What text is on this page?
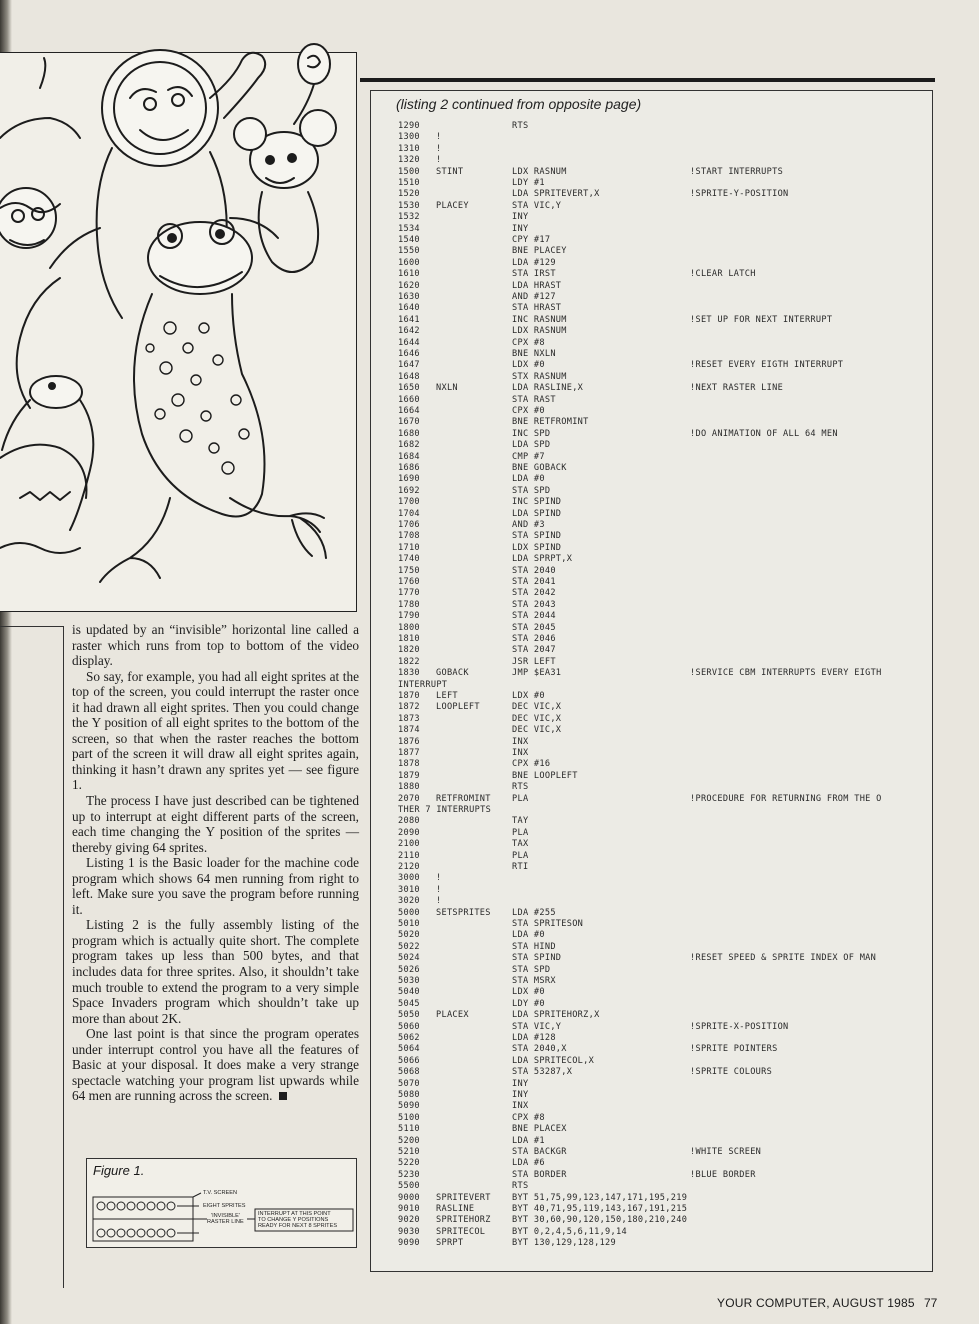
(listing 2 continued from opposite page)
1290	RTS
1300 !
1310 !
1320 !
1500 STINT	LDX RASNUM	!START INTERRUPTS
1510	LDY #1
1520	LDA SPRITEVERT,X	!SPRITE-Y-POSITION
1530 PLACEY	STA VIC,Y
1532	INY
1534	INY
1540	CPY #17
1550	BNE PLACEY
1600	LDA #129
1610	STA IRST	!CLEAR LATCH
1620	LDA HRAST
1630	AND #127
1640	STA HRAST
1641	INC RASNUM	!SET UP FOR NEXT INTERRUPT
1642	LDX RASNUM
1644	CPX #8
1646	BNE NXLN
1647	LDX #0	!RESET EVERY EIGTH INTERRUPT
1648	STX RASNUM
1650 NXLN	LDA RASLINE,X	!NEXT RASTER LINE
1660	STA RAST
1664	CPX #0
1670	BNE RETFROMINT
1680	INC SPD	!DO ANIMATION OF ALL 64 MEN
1682	LDA SPD
1684	CMP #7
1686	BNE GOBACK
1690	LDA #0
1692	STA SPD
1700	INC SPIND
1704	LDA SPIND
1706	AND #3
1708	STA SPIND
1710	LDX SPIND
1740	LDA SPRPT,X
1750	STA 2040
1760	STA 2041
1770	STA 2042
1780	STA 2043
1790	STA 2044
1800	STA 2045
1810	STA 2046
1820	STA 2047
1822	JSR LEFT
1830 GOBACK	JMP $EA31	!SERVICE CBM INTERRUPTS EVERY EIGTH
INTERRUPT
1870 LEFT	LDX #0
1872 LOOPLEFT	DEC VIC,X
1873	DEC VIC,X
1874	DEC VIC,X
1876	INX
1877	INX
1878	CPX #16
1879	BNE LOOPLEFT
1880	RTS
2070 RETFROMINT PLA	!PROCEDURE FOR RETURNING FROM THE O
THER 7 INTERRUPTS
2080	TAY
2090	PLA
2100	TAX
2110	PLA
2120	RTI
3000 !
3010 !
3020 !
5000 SETSPRITES LDA #255
5010	STA SPRITESON
5020	LDA #0
5022	STA HIND
5024	STA SPIND	!RESET SPEED & SPRITE INDEX OF MAN
5026	STA SPD
5030	STA MSRX
5040	LDX #0
5045	LDY #0
5050 PLACEX	LDA SPRITEHORZ,X
5060	STA VIC,Y	!SPRITE-X-POSITION
5062	LDA #128
5064	STA 2040,X	!SPRITE POINTERS
5066	LDA SPRITECOL,X
5068	STA 53287,X	!SPRITE COLOURS
5070	INY
5080	INY
5090	INX
5100	CPX #8
5110	BNE PLACEX
5200	LDA #1
5210	STA BACKGR	!WHITE SCREEN
5220	LDA #6
5230	STA BORDER	!BLUE BORDER
5500	RTS
9000 SPRITEVERT BYT 51,75,99,123,147,171,195,219
9010 RASLINE	BYT 40,71,95,119,143,167,191,215
9020 SPRITEHORZ BYT 30,60,90,120,150,180,210,240
9030 SPRITECOL	BYT 0,2,4,5,6,11,9,14
9090 SPRPT	BYT 130,129,128,129

is updated by an “invisible” horizontal line called a raster which runs from top to bottom of the video display.

So say, for example, you had all eight sprites at the top of the screen, you could interrupt the raster once it had drawn all eight sprites. Then you could change the Y position of all eight sprites to the bottom of the screen, so that when the raster reaches the bottom part of the screen it will draw all eight sprites again, thinking it hasn’t drawn any sprites yet — see figure 1.

The process I have just described can be tightened up to interrupt at eight different parts of the screen, each time changing the Y position of the sprites — thereby giving 64 sprites.

Listing 1 is the Basic loader for the machine code program which shows 64 men running from right to left. Make sure you save the program before running it.

Listing 2 is the fully assembly listing of the program which is actually quite short. The complete program takes up less than 500 bytes, and that includes data for three sprites. Also, it shouldn’t take much trouble to extend the program to a very simple Space Invaders program which shouldn’t take up more than about 2K.

One last point is that since the program operates under interrupt control you have all the features of Basic at your disposal. It does make a very strange spectacle watching your program list upwards while 64 men are running across the screen.

Figure 1.
T.V. SCREEN
EIGHT SPRITES
'INVISIBLE'
RASTER LINE
INTERRUPT AT THIS POINT
TO CHANGE Y POSITIONS
READY FOR NEXT 8 SPRITES
YOUR COMPUTER, AUGUST 1985 77
